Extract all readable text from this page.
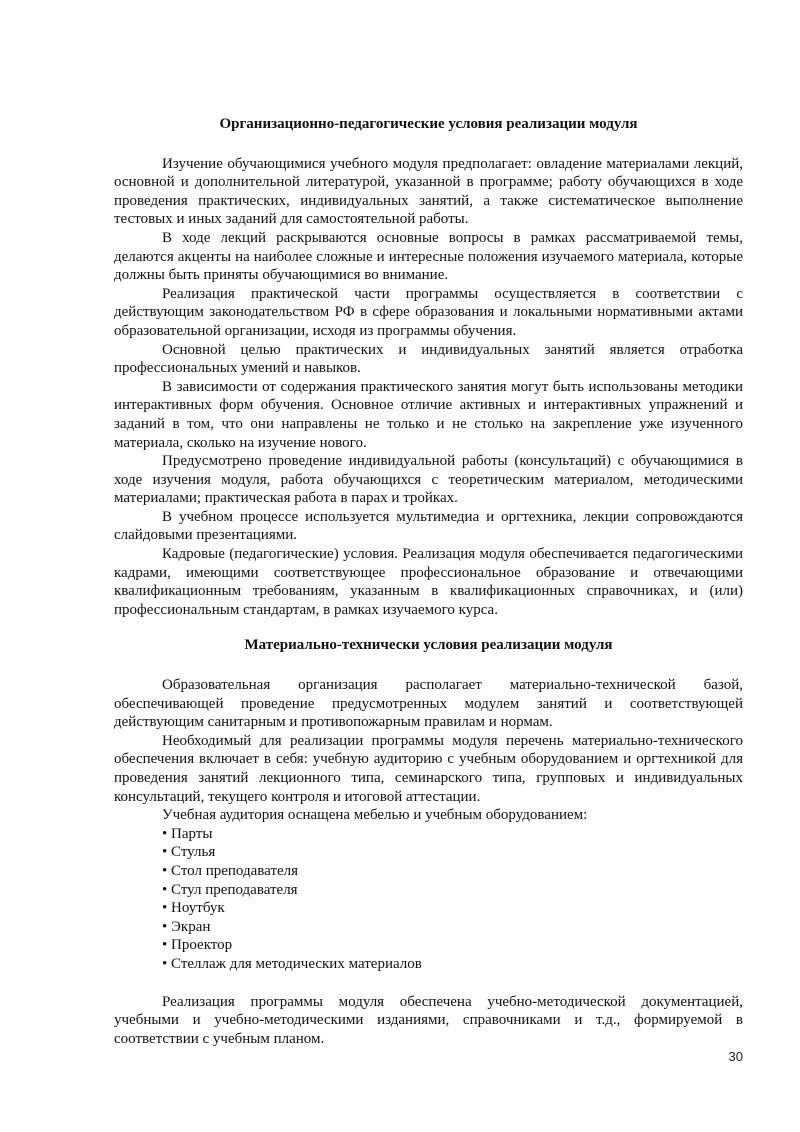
Организационно-педагогические условия реализации модуля

Изучение обучающимися учебного модуля предполагает: овладение материалами лекций, основной и дополнительной литературой, указанной в программе; работу обучающихся в ходе проведения практических, индивидуальных занятий, а также систематическое выполнение тестовых и иных заданий для самостоятельной работы.

В ходе лекций раскрываются основные вопросы в рамках рассматриваемой темы, делаются акценты на наиболее сложные и интересные положения изучаемого материала, которые должны быть приняты обучающимися во внимание.

Реализация практической части программы осуществляется в соответствии с действующим законодательством РФ в сфере образования и локальными нормативными актами образовательной организации, исходя из программы обучения.

Основной целью практических и индивидуальных занятий является отработка профессиональных умений и навыков.

В зависимости от содержания практического занятия могут быть использованы методики интерактивных форм обучения. Основное отличие активных и интерактивных упражнений и заданий в том, что они направлены не только и не столько на закрепление уже изученного материала, сколько на изучение нового.

Предусмотрено проведение индивидуальной работы (консультаций) с обучающимися в ходе изучения модуля, работа обучающихся с теоретическим материалом, методическими материалами; практическая работа в парах и тройках.

В учебном процессе используется мультимедиа и оргтехника, лекции сопровождаются слайдовыми презентациями.

Кадровые (педагогические) условия. Реализация модуля обеспечивается педагогическими кадрами, имеющими соответствующее профессиональное образование и отвечающими квалификационным требованиям, указанным в квалификационных справочниках, и (или) профессиональным стандартам, в рамках изучаемого курса.

Материально-технически условия реализации модуля

Образовательная организация располагает материально-технической базой, обеспечивающей проведение предусмотренных модулем занятий и соответствующей действующим санитарным и противопожарным правилам и нормам.

Необходимый для реализации программы модуля перечень материально-технического обеспечения включает в себя: учебную аудиторию с учебным оборудованием и оргтехникой для проведения занятий лекционного типа, семинарского типа, групповых и индивидуальных консультаций, текущего контроля и итоговой аттестации.

Учебная аудитория оснащена мебелью и учебным оборудованием:

• Парты
• Стулья
• Стол преподавателя
• Стул преподавателя
• Ноутбук
• Экран
• Проектор
• Стеллаж для методических материалов

Реализация программы модуля обеспечена учебно-методической документацией, учебными и учебно-методическими изданиями, справочниками и т.д., формируемой в соответствии с учебным планом.

30
